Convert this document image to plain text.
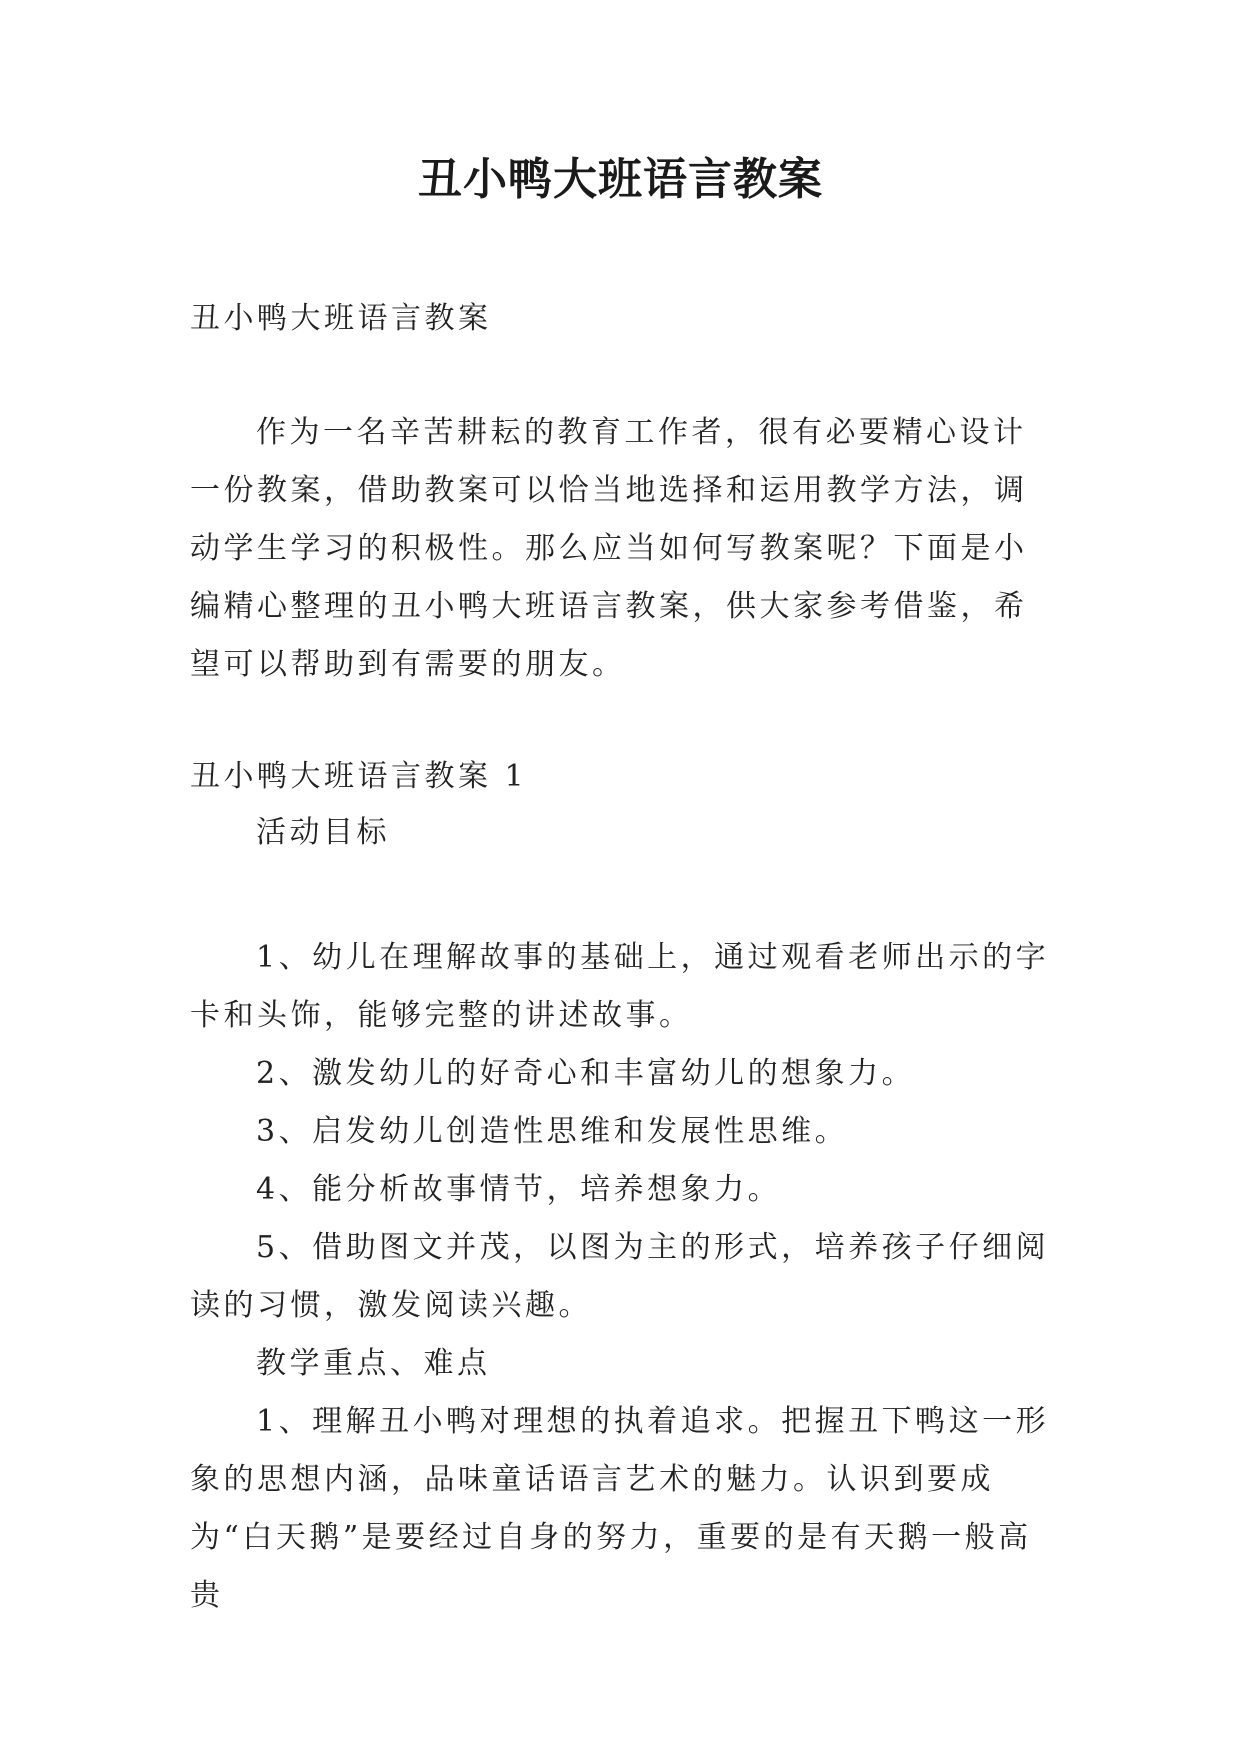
丑小鸭大班语言教案

丑小鸭大班语言教案

作为一名辛苦耕耘的教育工作者，很有必要精心设计一份教案，借助教案可以恰当地选择和运用教学方法，调动学生学习的积极性。那么应当如何写教案呢？下面是小编精心整理的丑小鸭大班语言教案，供大家参考借鉴，希望可以帮助到有需要的朋友。

丑小鸭大班语言教案 1

活动目标

1、幼儿在理解故事的基础上，通过观看老师出示的字卡和头饰，能够完整的讲述故事。

2、激发幼儿的好奇心和丰富幼儿的想象力。

3、启发幼儿创造性思维和发展性思维。

4、能分析故事情节，培养想象力。

5、借助图文并茂，以图为主的形式，培养孩子仔细阅读的习惯，激发阅读兴趣。

教学重点、难点

1、理解丑小鸭对理想的执着追求。把握丑下鸭这一形象的思想内涵，品味童话语言艺术的魅力。认识到要成为“白天鹅”是要经过自身的努力，重要的是有天鹅一般高贵
